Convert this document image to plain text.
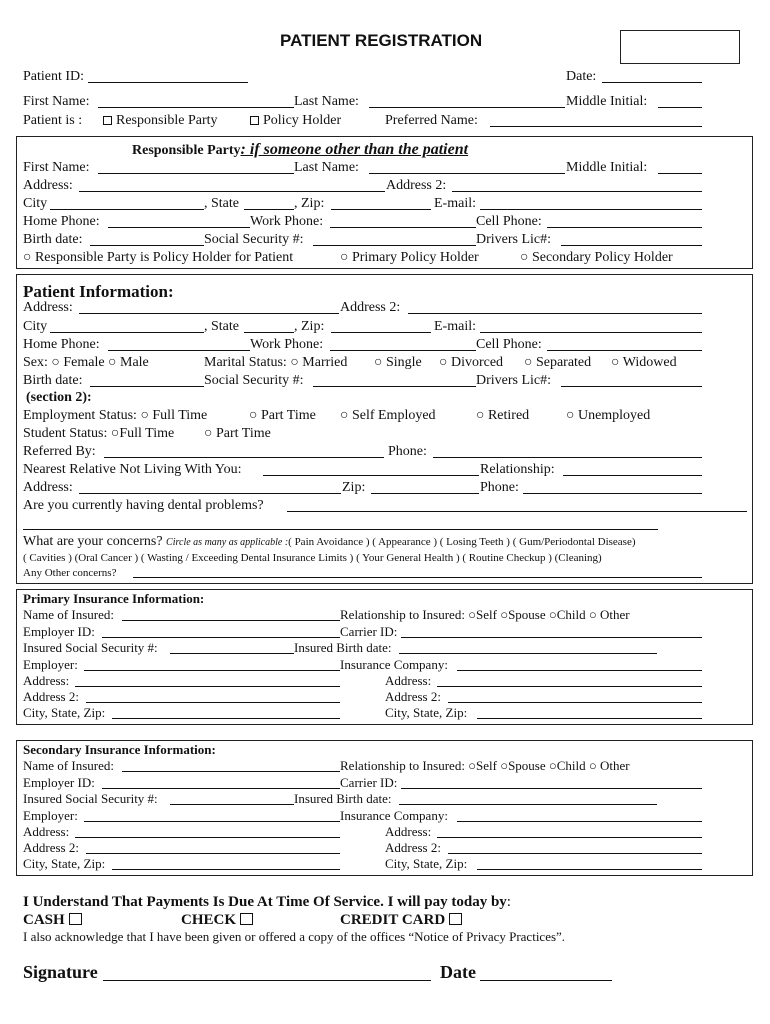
PATIENT REGISTRATION
Patient ID:	Date:
First Name:	Last Name:	Middle Initial:
Patient is :	Responsible Party	Policy Holder	Preferred Name:
Responsible Party: if someone other than the patient
First Name:	Last Name:	Middle Initial:
Address:	Address 2:
City	, State	, Zip:	E-mail:
Home Phone:	Work Phone:	Cell Phone:
Birth date:	Social Security #:	Drivers Lic#:
○ Responsible Party is Policy Holder for Patient	○ Primary Policy Holder	○ Secondary Policy Holder
Patient Information:
Address:	Address 2:
City	, State	, Zip:	E-mail:
Home Phone:	Work Phone:	Cell Phone:
Sex: ○ Female ○ Male	Marital Status: ○ Married ○ Single ○ Divorced ○ Separated ○ Widowed
Birth date:	Social Security #:	Drivers Lic#:
(section 2):
Employment Status: ○ Full Time	○ Part Time ○ Self Employed	○ Retired	○ Unemployed
Student Status: ○Full Time ○ Part Time
Referred By:	Phone:
Nearest Relative Not Living With You:	Relationship:
Address:	Zip:	Phone:
Are you currently having dental problems?
What are your concerns? Circle as many as applicable :( Pain Avoidance ) ( Appearance ) ( Losing Teeth ) ( Gum/Periodontal Disease)
( Cavities ) (Oral Cancer ) ( Wasting / Exceeding Dental Insurance Limits ) ( Your General Health ) ( Routine Checkup ) (Cleaning)
Any Other concerns?
Primary Insurance Information:
Name of Insured:	Relationship to Insured: ○Self ○Spouse ○Child ○ Other
Employer ID:	Carrier ID:
Insured Social Security #:	Insured Birth date:
Employer:	Insurance Company:
Address:	Address:
Address 2:	Address 2:
City, State, Zip:	City, State, Zip:
Secondary Insurance Information:
Name of Insured:	Relationship to Insured: ○Self ○Spouse ○Child ○ Other
Employer ID:	Carrier ID:
Insured Social Security #:	Insured Birth date:
Employer:	Insurance Company:
Address:	Address:
Address 2:	Address 2:
City, State, Zip:	City, State, Zip:
I Understand That Payments Is Due At Time Of Service. I will pay today by:
CASH	CHECK	CREDIT CARD
I also acknowledge that I have been given or offered a copy of the offices “Notice of Privacy Practices”.
Signature	Date
